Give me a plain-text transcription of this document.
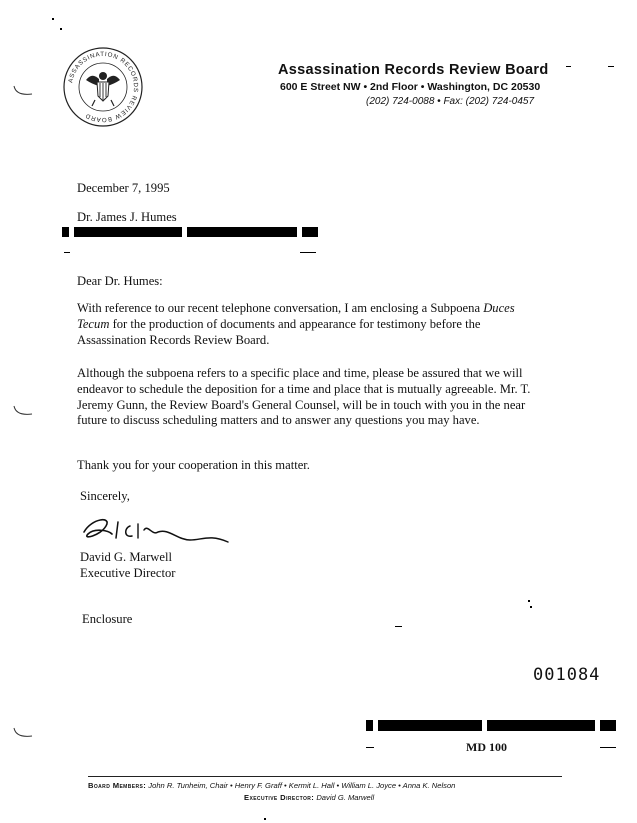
ASSASSINATION RECORDS REVIEW BOARD
Assassination Records Review Board
600 E Street NW • 2nd Floor • Washington, DC 20530
(202) 724-0088 • Fax: (202) 724-0457
December 7, 1995
Dr. James J. Humes
Dear Dr. Humes:
With reference to our recent telephone conversation, I am enclosing a Subpoena Duces Tecum for the production of documents and appearance for testimony before the Assassination Records Review Board.
Although the subpoena refers to a specific place and time, please be assured that we will endeavor to schedule the deposition for a time and place that is mutually agreeable. Mr. T. Jeremy Gunn, the Review Board's General Counsel, will be in touch with you in the near future to discuss scheduling matters and to answer any questions you may have.
Thank you for your cooperation in this matter.
Sincerely,
David G. Marwell
Executive Director
Enclosure
001084
MD 100
Board Members: John R. Tunheim, Chair • Henry F. Graff • Kermit L. Hall • William L. Joyce • Anna K. Nelson
Executive Director: David G. Marwell
